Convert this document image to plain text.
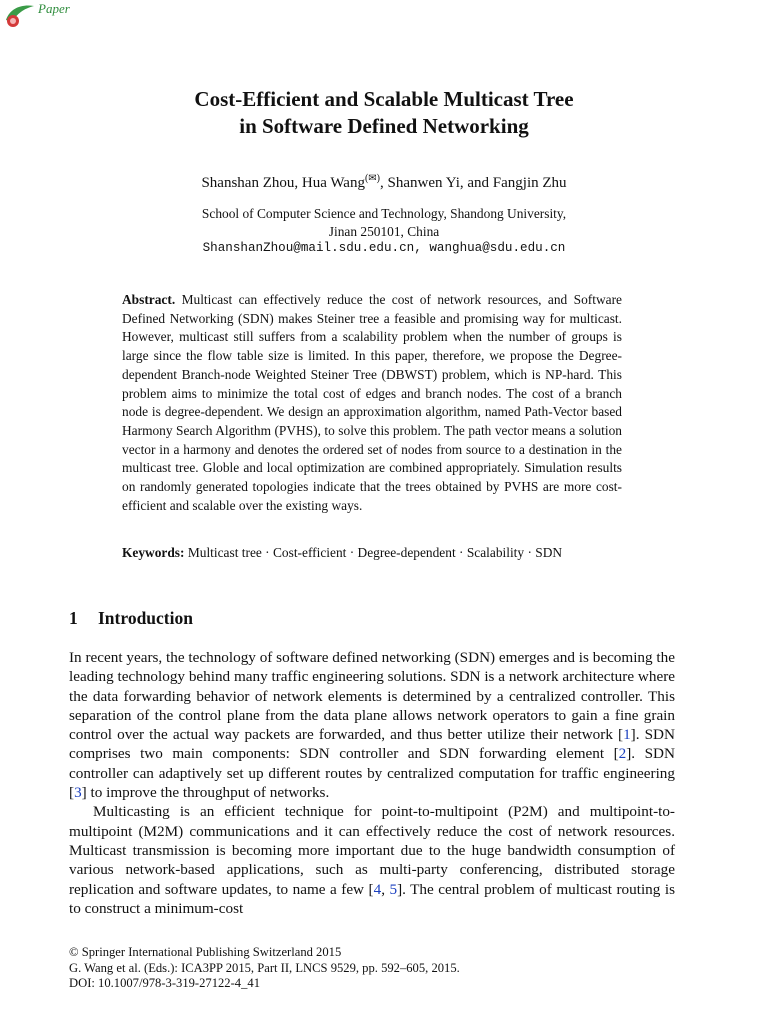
Paper
Cost-Efficient and Scalable Multicast Tree
in Software Defined Networking
Shanshan Zhou, Hua Wang(✉), Shanwen Yi, and Fangjin Zhu
School of Computer Science and Technology, Shandong University,
Jinan 250101, China
ShanshanZhou@mail.sdu.edu.cn, wanghua@sdu.edu.cn
Abstract. Multicast can effectively reduce the cost of network resources, and Software Defined Networking (SDN) makes Steiner tree a feasible and promising way for multicast. However, multicast still suffers from a scalability problem when the number of groups is large since the flow table size is limited. In this paper, therefore, we propose the Degree-dependent Branch-node Weighted Steiner Tree (DBWST) problem, which is NP-hard. This problem aims to minimize the total cost of edges and branch nodes. The cost of a branch node is degree-dependent. We design an approximation algorithm, named Path-Vector based Harmony Search Algorithm (PVHS), to solve this problem. The path vector means a solution vector in a harmony and denotes the ordered set of nodes from source to a destination in the multicast tree. Globle and local optimization are combined appropriately. Simulation results on randomly generated topologies indicate that the trees obtained by PVHS are more cost-efficient and scalable over the existing ways.
Keywords: Multicast tree · Cost-efficient · Degree-dependent · Scalability · SDN
1 Introduction

In recent years, the technology of software defined networking (SDN) emerges and is becoming the leading technology behind many traffic engineering solutions. SDN is a network architecture where the data forwarding behavior of network elements is determined by a centralized controller. This separation of the control plane from the data plane allows network operators to gain a fine grain control over the actual way packets are forwarded, and thus better utilize their network [1]. SDN comprises two main components: SDN controller and SDN forwarding element [2]. SDN controller can adaptively set up different routes by centralized computation for traffic engineering [3] to improve the throughput of networks.

Multicasting is an efficient technique for point-to-multipoint (P2M) and multipoint-to-multipoint (M2M) communications and it can effectively reduce the cost of network resources. Multicast transmission is becoming more important due to the huge bandwidth consumption of various network-based applications, such as multi-party conferencing, distributed storage replication and software updates, to name a few [4, 5]. The central problem of multicast routing is to construct a minimum-cost

© Springer International Publishing Switzerland 2015
G. Wang et al. (Eds.): ICA3PP 2015, Part II, LNCS 9529, pp. 592–605, 2015.
DOI: 10.1007/978-3-319-27122-4_41
